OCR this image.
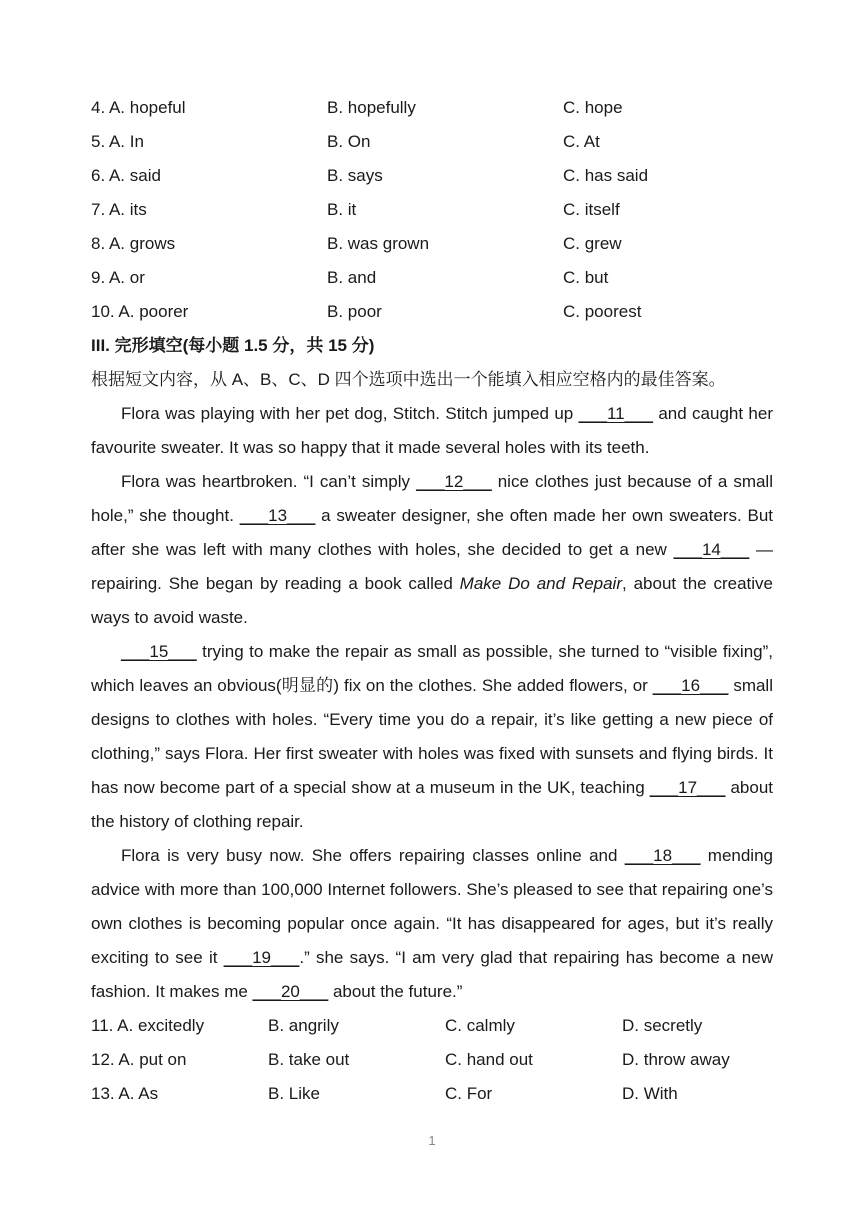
4. A. hopeful	B. hopefully	C. hope
5. A. In	B. On	C. At
6. A. said	B. says	C. has said
7. A. its	B. it	C. itself
8. A. grows	B. was grown	C. grew
9. A. or	B. and	C. but
10. A. poorer	B. poor	C. poorest
III. 完形填空(每小题 1.5 分，共 15 分)
根据短文内容，从 A、B、C、D 四个选项中选出一个能填入相应空格内的最佳答案。

Flora was playing with her pet dog, Stitch. Stitch jumped up ___11___ and caught her favourite sweater. It was so happy that it made several holes with its teeth.

Flora was heartbroken. “I can’t simply ___12___ nice clothes just because of a small hole,” she thought. ___13___ a sweater designer, she often made her own sweaters. But after she was left with many clothes with holes, she decided to get a new ___14___ — repairing. She began by reading a book called Make Do and Repair, about the creative ways to avoid waste.

___15___ trying to make the repair as small as possible, she turned to “visible fixing”, which leaves an obvious(明显的) fix on the clothes. She added flowers, or ___16___ small designs to clothes with holes. “Every time you do a repair, it’s like getting a new piece of clothing,” says Flora. Her first sweater with holes was fixed with sunsets and flying birds. It has now become part of a special show at a museum in the UK, teaching ___17___ about the history of clothing repair.

Flora is very busy now. She offers repairing classes online and ___18___ mending advice with more than 100,000 Internet followers. She’s pleased to see that repairing one’s own clothes is becoming popular once again. “It has disappeared for ages, but it’s really exciting to see it ___19___.” she says. “I am very glad that repairing has become a new fashion. It makes me ___20___ about the future.”

11. A. excitedly	B. angrily	C. calmly	D. secretly
12. A. put on	B. take out	C. hand out	D. throw away
13. A. As	B. Like	C. For	D. With
1
